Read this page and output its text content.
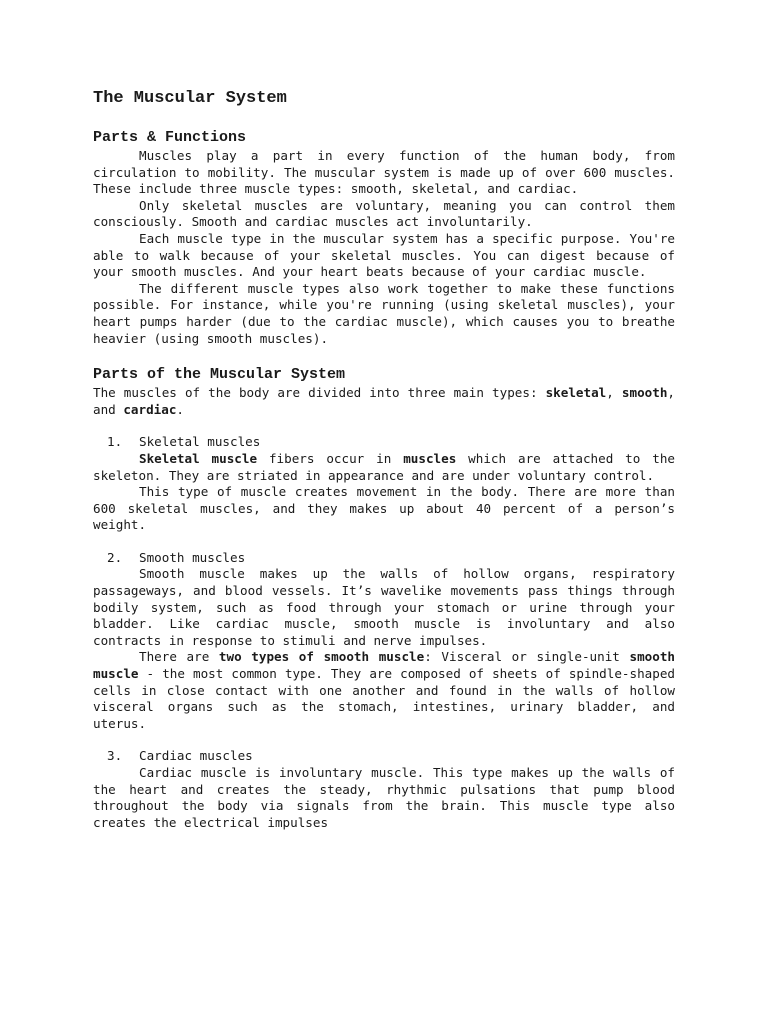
The Muscular System
Parts & Functions

Muscles play a part in every function of the human body, from circulation to mobility. The muscular system is made up of over 600 muscles. These include three muscle types: smooth, skeletal, and cardiac.

Only skeletal muscles are voluntary, meaning you can control them consciously. Smooth and cardiac muscles act involuntarily.

Each muscle type in the muscular system has a specific purpose. You're able to walk because of your skeletal muscles. You can digest because of your smooth muscles. And your heart beats because of your cardiac muscle.

The different muscle types also work together to make these functions possible. For instance, while you're running (using skeletal muscles), your heart pumps harder (due to the cardiac muscle), which causes you to breathe heavier (using smooth muscles).

Parts of the Muscular System

The muscles of the body are divided into three main types: skeletal, smooth, and cardiac.

1. Skeletal muscles

Skeletal muscle fibers occur in muscles which are attached to the skeleton. They are striated in appearance and are under voluntary control.

This type of muscle creates movement in the body. There are more than 600 skeletal muscles, and they makes up about 40 percent of a person’s weight.

2. Smooth muscles

Smooth muscle makes up the walls of hollow organs, respiratory passageways, and blood vessels. It’s wavelike movements pass things through bodily system, such as food through your stomach or urine through your bladder. Like cardiac muscle, smooth muscle is involuntary and also contracts in response to stimuli and nerve impulses.

There are two types of smooth muscle: Visceral or single-unit smooth muscle - the most common type. They are composed of sheets of spindle-shaped cells in close contact with one another and found in the walls of hollow visceral organs such as the stomach, intestines, urinary bladder, and uterus.

3. Cardiac muscles

Cardiac muscle is involuntary muscle. This type makes up the walls of the heart and creates the steady, rhythmic pulsations that pump blood throughout the body via signals from the brain. This muscle type also creates the electrical impulses
